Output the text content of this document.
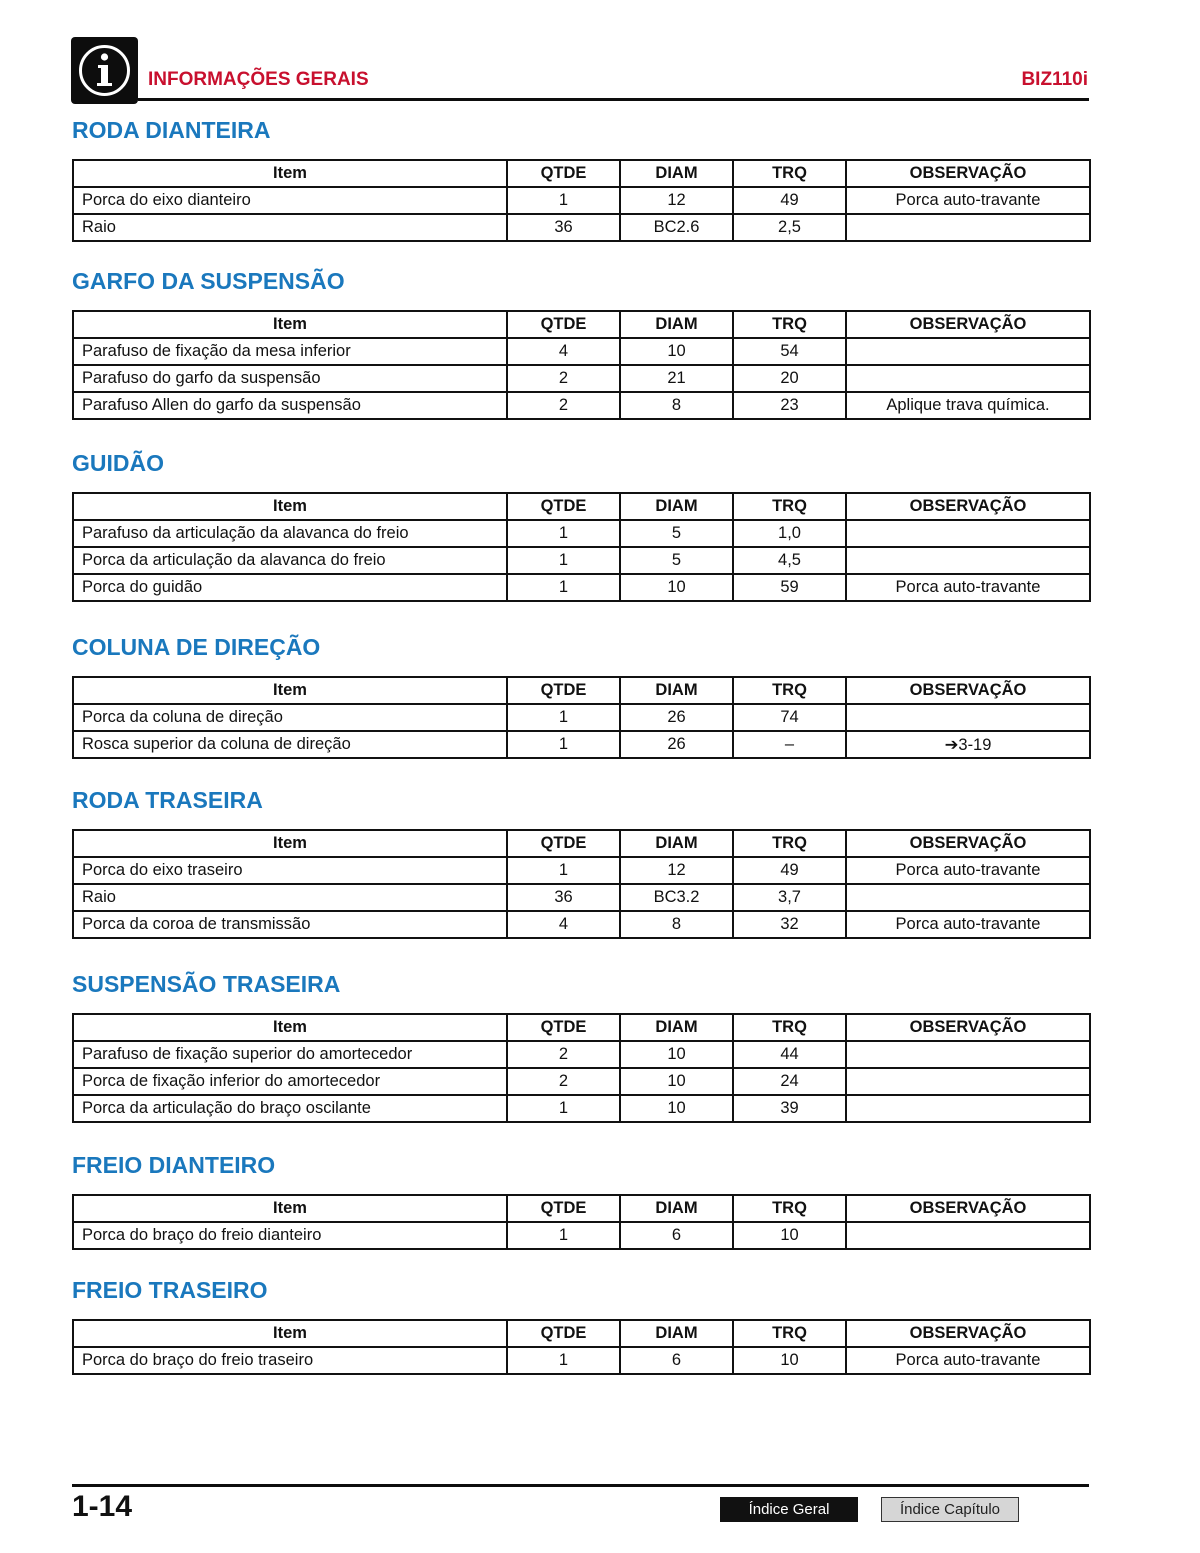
INFORMAÇÕES GERAIS	BIZ110i
RODA DIANTEIRA
Item	QTDE	DIAM	TRQ	OBSERVAÇÃO
Porca do eixo dianteiro	1	12	49	Porca auto-travante
Raio	36	BC2.6	2,5	
GARFO DA SUSPENSÃO
Item	QTDE	DIAM	TRQ	OBSERVAÇÃO
Parafuso de fixação da mesa inferior	4	10	54	
Parafuso do garfo da suspensão	2	21	20	
Parafuso Allen do garfo da suspensão	2	8	23	Aplique trava química.
GUIDÃO
Item	QTDE	DIAM	TRQ	OBSERVAÇÃO
Parafuso da articulação da alavanca do freio	1	5	1,0	
Porca da articulação da alavanca do freio	1	5	4,5	
Porca do guidão	1	10	59	Porca auto-travante
COLUNA DE DIREÇÃO
Item	QTDE	DIAM	TRQ	OBSERVAÇÃO
Porca da coluna de direção	1	26	74	
Rosca superior da coluna de direção	1	26	–	➔3-19
RODA TRASEIRA
Item	QTDE	DIAM	TRQ	OBSERVAÇÃO
Porca do eixo traseiro	1	12	49	Porca auto-travante
Raio	36	BC3.2	3,7	
Porca da coroa de transmissão	4	8	32	Porca auto-travante
SUSPENSÃO TRASEIRA
Item	QTDE	DIAM	TRQ	OBSERVAÇÃO
Parafuso de fixação superior do amortecedor	2	10	44	
Porca de fixação inferior do amortecedor	2	10	24	
Porca da articulação do braço oscilante	1	10	39	
FREIO DIANTEIRO
Item	QTDE	DIAM	TRQ	OBSERVAÇÃO
Porca do braço do freio dianteiro	1	6	10	
FREIO TRASEIRO
Item	QTDE	DIAM	TRQ	OBSERVAÇÃO
Porca do braço do freio traseiro	1	6	10	Porca auto-travante
1-14	Índice Geral	Índice Capítulo
